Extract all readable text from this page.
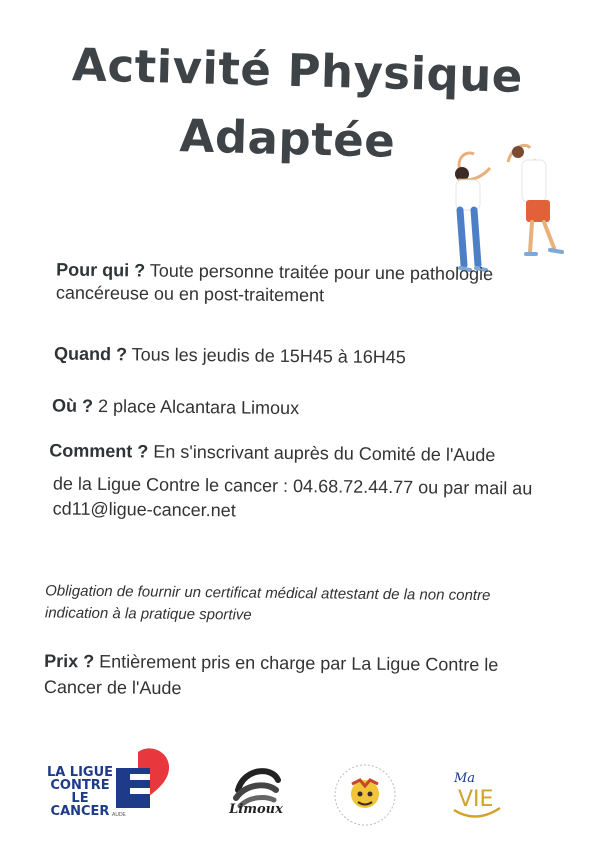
Activité Physique
Adaptée
Pour qui ? Toute personne traitée pour une pathologie cancéreuse ou en post-traitement
Quand ? Tous les jeudis de 15H45 à 16H45
Où ? 2 place Alcantara Limoux
Comment ? En s'inscrivant auprès du Comité de l'Aude
de la Ligue Contre le cancer : 04.68.72.44.77 ou par mail au cd11@ligue-cancer.net
Obligation de fournir un certificat médical attestant de la non contre indication à la pratique sportive
Prix ? Entièrement pris en charge par La Ligue Contre le Cancer de l'Aude
LA LIGUE CONTRE LE CANCER AUDE	Limoux
Ma
VIE
